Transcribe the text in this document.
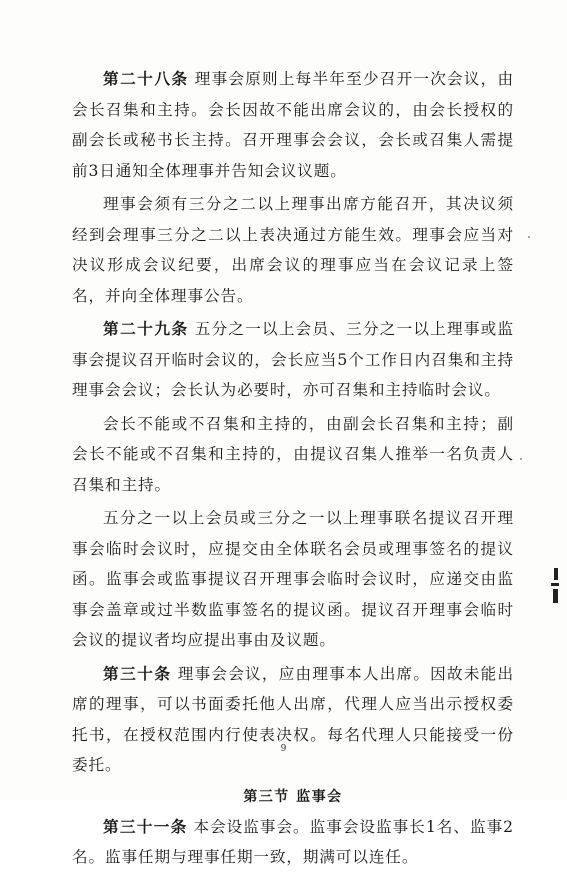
第二十八条 理事会原则上每半年至少召开一次会议，由会长召集和主持。会长因故不能出席会议的，由会长授权的副会长或秘书长主持。召开理事会会议，会长或召集人需提前3日通知全体理事并告知会议议题。

理事会须有三分之二以上理事出席方能召开，其决议须经到会理事三分之二以上表决通过方能生效。理事会应当对决议形成会议纪要，出席会议的理事应当在会议记录上签名，并向全体理事公告。

第二十九条 五分之一以上会员、三分之一以上理事或监事会提议召开临时会议的，会长应当5个工作日内召集和主持理事会会议；会长认为必要时，亦可召集和主持临时会议。

会长不能或不召集和主持的，由副会长召集和主持；副会长不能或不召集和主持的，由提议召集人推举一名负责人召集和主持。

五分之一以上会员或三分之一以上理事联名提议召开理事会临时会议时，应提交由全体联名会员或理事签名的提议函。监事会或监事提议召开理事会临时会议时，应递交由监事会盖章或过半数监事签名的提议函。提议召开理事会临时会议的提议者均应提出事由及议题。

第三十条 理事会会议，应由理事本人出席。因故未能出席的理事，可以书面委托他人出席，代理人应当出示授权委托书，在授权范围内行使表决权。每名代理人只能接受一份委托。

第三节 监事会

第三十一条 本会设监事会。监事会设监事长1名、监事2名。监事任期与理事任期一致，期满可以连任。

9
